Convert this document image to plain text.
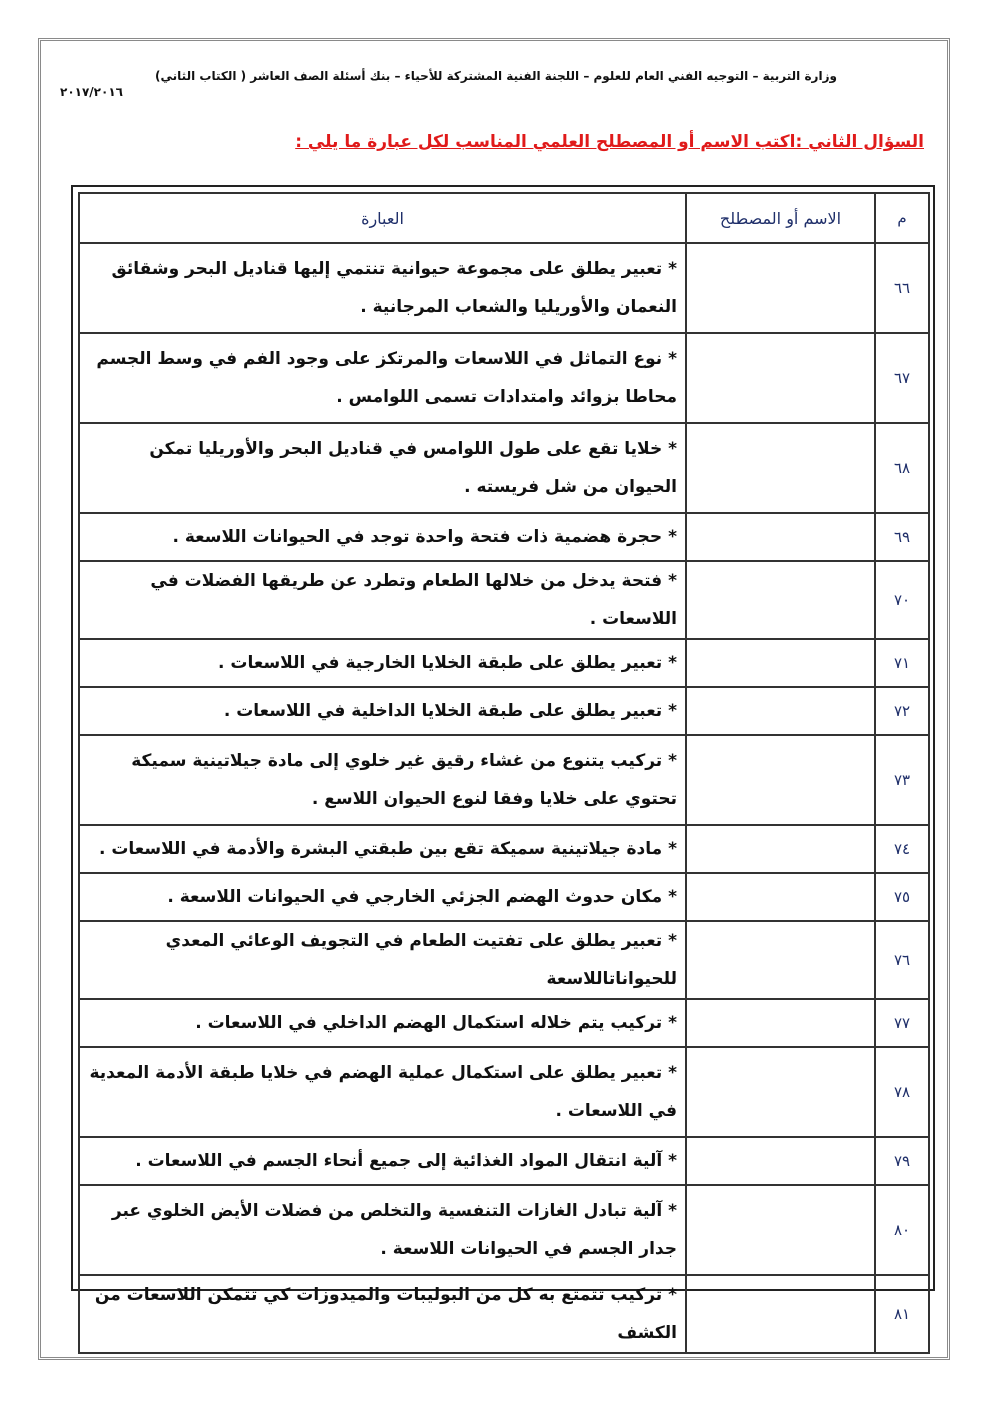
وزارة التربية – التوجيه الفني العام للعلوم – اللجنة الفنية المشتركة للأحياء – بنك أسئلة الصف العاشر ( الكتاب الثاني)
٢٠١٧/٢٠١٦
السؤال الثاني :اكتب الاسم أو المصطلح العلمي المناسب لكل عبارة ما يلي :
م	الاسم أو المصطلح	العبارة
٦٦		* تعبير يطلق على مجموعة حيوانية تنتمي إليها قناديل البحر وشقائق النعمان والأوريليا والشعاب المرجانية .
٦٧		* نوع التماثل في اللاسعات والمرتكز على وجود الفم في وسط الجسم محاطا بزوائد وامتدادات تسمى اللوامس .
٦٨		* خلايا تقع على طول اللوامس في قناديل البحر والأوريليا تمكن الحيوان من شل فريسته .
٦٩		* حجرة هضمية ذات فتحة واحدة توجد في الحيوانات اللاسعة .
٧٠		* فتحة يدخل من خلالها الطعام وتطرد عن طريقها الفضلات في اللاسعات .
٧١		* تعبير يطلق على طبقة الخلايا الخارجية في اللاسعات .
٧٢		* تعبير يطلق على طبقة الخلايا الداخلية في اللاسعات .
٧٣		* تركيب يتنوع من غشاء رقيق غير خلوي إلى مادة جيلاتينية سميكة تحتوي على خلايا وفقا لنوع الحيوان اللاسع .
٧٤		* مادة جيلاتينية سميكة تقع بين طبقتي البشرة والأدمة في اللاسعات .
٧٥		* مكان حدوث الهضم الجزئي الخارجي في الحيوانات اللاسعة .
٧٦		* تعبير يطلق على تفتيت الطعام في التجويف الوعائي المعدي للحيواناتاللاسعة
٧٧		* تركيب يتم خلاله استكمال الهضم الداخلي في اللاسعات .
٧٨		* تعبير يطلق على استكمال عملية الهضم في خلايا طبقة الأدمة المعدية في اللاسعات .
٧٩		* آلية انتقال المواد الغذائية إلى جميع أنحاء الجسم في اللاسعات .
٨٠		* آلية تبادل الغازات التنفسية والتخلص من فضلات الأيض الخلوي عبر جدار الجسم في الحيوانات اللاسعة .
٨١		* تركيب تتمتع به كل من البوليبات والميدوزات كي تتمكن اللاسعات من الكشف
